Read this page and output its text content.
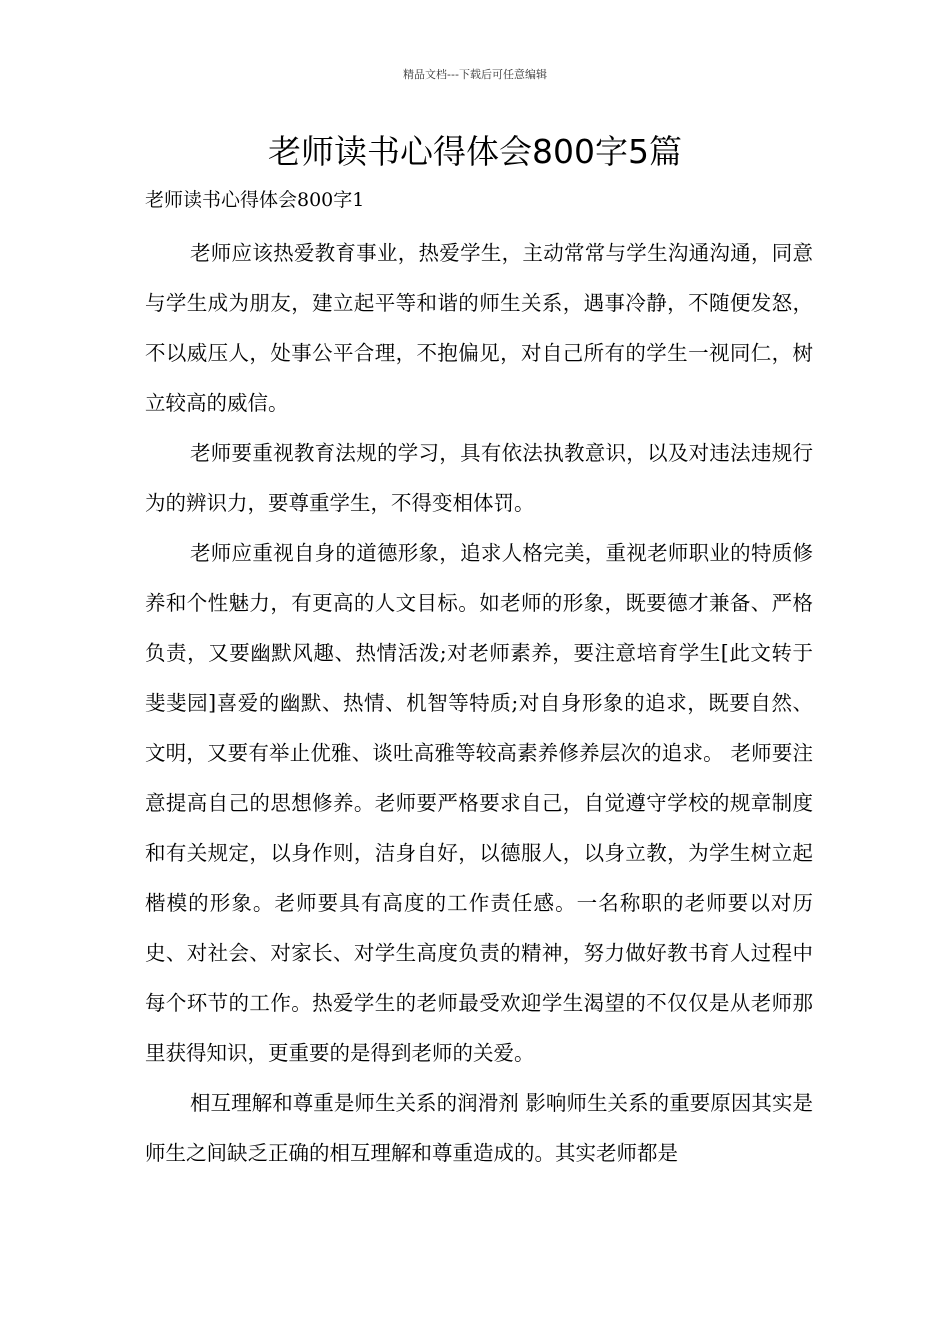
精品文档---下载后可任意编辑
老师读书心得体会800字5篇
老师读书心得体会800字1

老师应该热爱教育事业，热爱学生，主动常常与学生沟通沟通，同意与学生成为朋友，建立起平等和谐的师生关系，遇事冷静，不随便发怒，不以威压人，处事公平合理，不抱偏见，对自己所有的学生一视同仁，树立较高的威信。

老师要重视教育法规的学习，具有依法执教意识，以及对违法违规行为的辨识力，要尊重学生，不得变相体罚。

老师应重视自身的道德形象，追求人格完美，重视老师职业的特质修养和个性魅力，有更高的人文目标。如老师的形象，既要德才兼备、严格负责，又要幽默风趣、热情活泼;对老师素养，要注意培育学生[此文转于斐斐园]喜爱的幽默、热情、机智等特质;对自身形象的追求，既要自然、文明，又要有举止优雅、谈吐高雅等较高素养修养层次的追求。 老师要注意提高自己的思想修养。老师要严格要求自己，自觉遵守学校的规章制度和有关规定，以身作则，洁身自好，以德服人，以身立教，为学生树立起楷模的形象。老师要具有高度的工作责任感。一名称职的老师要以对历史、对社会、对家长、对学生高度负责的精神，努力做好教书育人过程中每个环节的工作。热爱学生的老师最受欢迎学生渴望的不仅仅是从老师那里获得知识，更重要的是得到老师的关爱。

相互理解和尊重是师生关系的润滑剂 影响师生关系的重要原因其实是师生之间缺乏正确的相互理解和尊重造成的。其实老师都是
